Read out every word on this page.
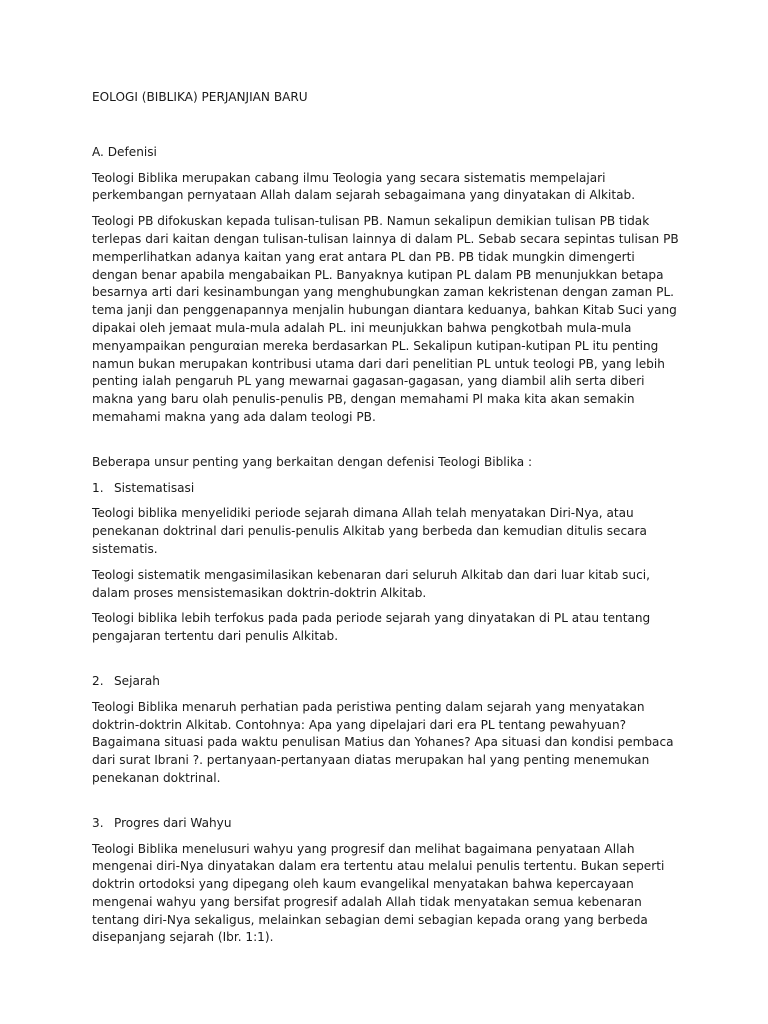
EOLOGI (BIBLIKA) PERJANJIAN BARU
A. Defenisi

Teologi Biblika merupakan cabang ilmu Teologia yang secara sistematis mempelajari perkembangan pernyataan Allah dalam sejarah sebagaimana yang dinyatakan di Alkitab.

Teologi PB difokuskan kepada tulisan-tulisan PB. Namun sekalipun demikian tulisan PB tidak terlepas dari kaitan dengan tulisan-tulisan lainnya di dalam PL. Sebab secara sepintas tulisan PB memperlihatkan adanya kaitan yang erat antara PL dan PB. PB tidak mungkin dimengerti dengan benar apabila mengabaikan PL. Banyaknya kutipan PL dalam PB menunjukkan betapa besarnya arti dari kesinambungan yang menghubungkan zaman kekristenan dengan zaman PL. tema janji dan penggenapannya menjalin hubungan diantara keduanya, bahkan Kitab Suci yang dipakai oleh jemaat mula-mula adalah PL. ini meunjukkan bahwa pengkotbah mula-mula menyampaikan pengurαian mereka berdasarkan PL. Sekalipun kutipan-kutipan PL itu penting namun bukan merupakan kontribusi utama dari dari penelitian PL untuk teologi PB, yang lebih penting ialah pengaruh PL yang mewarnai gagasan-gagasan, yang diambil alih serta diberi makna yang baru olah penulis-penulis PB, dengan memahami Pl maka kita akan semakin memahami makna yang ada dalam teologi PB.

Beberapa unsur penting yang berkaitan dengan defenisi Teologi Biblika :

1. Sistematisasi

Teologi biblika menyelidiki periode sejarah dimana Allah telah menyatakan Diri-Nya, atau penekanan doktrinal dari penulis-penulis Alkitab yang berbeda dan kemudian ditulis secara sistematis.

Teologi sistematik mengasimilasikan kebenaran dari seluruh Alkitab dan dari luar kitab suci, dalam proses mensistemasikan doktrin-doktrin Alkitab.

Teologi biblika lebih terfokus pada pada periode sejarah yang dinyatakan di PL atau tentang pengajaran tertentu dari penulis Alkitab.

2. Sejarah

Teologi Biblika menaruh perhatian pada peristiwa penting dalam sejarah yang menyatakan doktrin-doktrin Alkitab. Contohnya: Apa yang dipelajari dari era PL tentang pewahyuan? Bagaimana situasi pada waktu penulisan Matius dan Yohanes? Apa situasi dan kondisi pembaca dari surat Ibrani ?. pertanyaan-pertanyaan diatas merupakan hal yang penting menemukan penekanan doktrinal.

3. Progres dari Wahyu

Teologi Biblika menelusuri wahyu yang progresif dan melihat bagaimana penyataan Allah mengenai diri-Nya dinyatakan dalam era tertentu atau melalui penulis tertentu. Bukan seperti doktrin ortodoksi yang dipegang oleh kaum evangelikal menyatakan bahwa kepercayaan mengenai wahyu yang bersifat progresif adalah Allah tidak menyatakan semua kebenaran tentang diri-Nya sekaligus, melainkan sebagian demi sebagian kepada orang yang berbeda disepanjang sejarah (Ibr. 1:1).
